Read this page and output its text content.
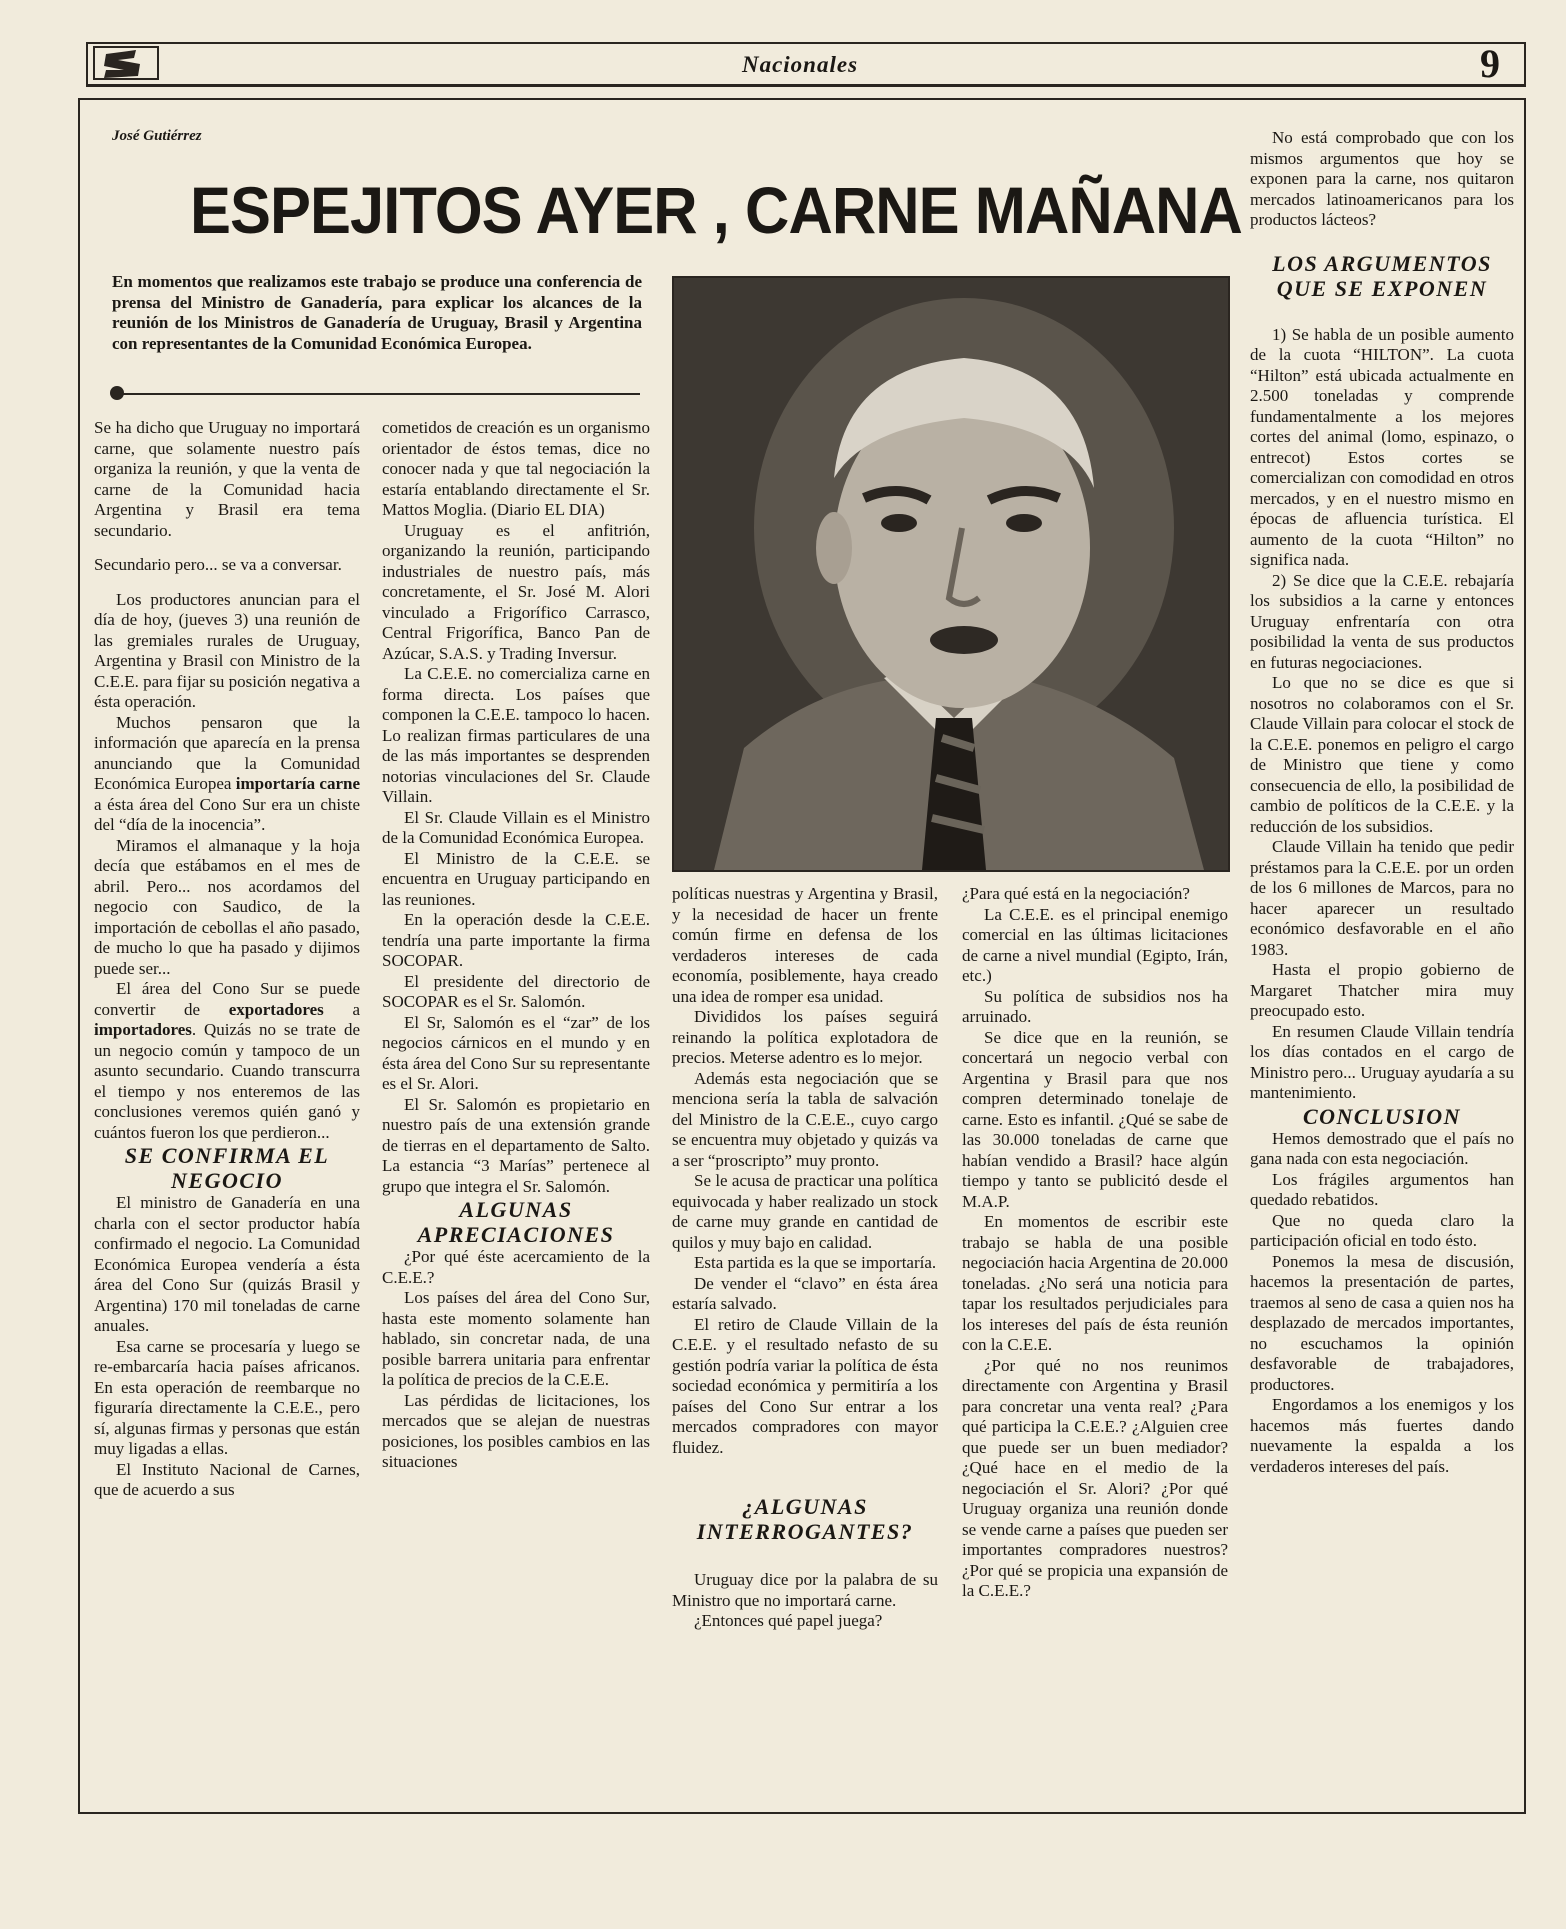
Nacionales	9
José Gutiérrez
ESPEJITOS AYER , CARNE MAÑANA
En momentos que realizamos este trabajo se produce una conferencia de prensa del Ministro de Ganadería, para explicar los alcances de la reunión de los Ministros de Ganadería de Uruguay, Brasil y Argentina con representantes de la Comunidad Económica Europea.

Se ha dicho que Uruguay no importará carne, que solamente nuestro país organiza la reunión, y que la venta de carne de la Comunidad hacia Argentina y Brasil era tema secundario.

Secundario pero... se va a conversar.

Los productores anuncian para el día de hoy, (jueves 3) una reunión de las gremiales rurales de Uruguay, Argentina y Brasil con Ministro de la C.E.E. para fijar su posición negativa a ésta operación.

Muchos pensaron que la información que aparecía en la prensa anunciando que la Comunidad Económica Europea importaría carne a ésta área del Cono Sur era un chiste del “día de la inocencia”.

Miramos el almanaque y la hoja decía que estábamos en el mes de abril. Pero... nos acordamos del negocio con Saudico, de la importación de cebollas el año pasado, de mucho lo que ha pasado y dijimos puede ser...

El área del Cono Sur se puede convertir de exportadores a importadores. Quizás no se trate de un negocio común y tampoco de un asunto secundario. Cuando transcurra el tiempo y nos enteremos de las conclusiones veremos quién ganó y cuántos fueron los que perdieron...

SE CONFIRMA EL NEGOCIO

El ministro de Ganadería en una charla con el sector productor había confirmado el negocio. La Comunidad Económica Europea vendería a ésta área del Cono Sur (quizás Brasil y Argentina) 170 mil toneladas de carne anuales.

Esa carne se procesaría y luego se re-embarcaría hacia países africanos. En esta operación de reembarque no figuraría directamente la C.E.E., pero sí, algunas firmas y personas que están muy ligadas a ellas.

El Instituto Nacional de Carnes, que de acuerdo a sus

cometidos de creación es un organismo orientador de éstos temas, dice no conocer nada y que tal negociación la estaría entablando directamente el Sr. Mattos Moglia. (Diario EL DIA)

Uruguay es el anfitrión, organizando la reunión, participando industriales de nuestro país, más concretamente, el Sr. José M. Alori vinculado a Frigorífico Carrasco, Central Frigorífica, Banco Pan de Azúcar, S.A.S. y Trading Inversur.

La C.E.E. no comercializa carne en forma directa. Los países que componen la C.E.E. tampoco lo hacen. Lo realizan firmas particulares de una de las más importantes se desprenden notorias vinculaciones del Sr. Claude Villain.

El Sr. Claude Villain es el Ministro de la Comunidad Económica Europea.

El Ministro de la C.E.E. se encuentra en Uruguay participando en las reuniones.

En la operación desde la C.E.E. tendría una parte importante la firma SOCOPAR.

El presidente del directorio de SOCOPAR es el Sr. Salomón.

El Sr, Salomón es el “zar” de los negocios cárnicos en el mundo y en ésta área del Cono Sur su representante es el Sr. Alori.

El Sr. Salomón es propietario en nuestro país de una extensión grande de tierras en el departamento de Salto. La estancia “3 Marías” pertenece al grupo que integra el Sr. Salomón.

ALGUNAS APRECIACIONES

¿Por qué éste acercamiento de la C.E.E.?

Los países del área del Cono Sur, hasta este momento solamente han hablado, sin concretar nada, de una posible barrera unitaria para enfrentar la política de precios de la C.E.E.

Las pérdidas de licitaciones, los mercados que se alejan de nuestras posiciones, los posibles cambios en las situaciones

políticas nuestras y Argentina y Brasil, y la necesidad de hacer un frente común firme en defensa de los verdaderos intereses de cada economía, posiblemente, haya creado una idea de romper esa unidad.

Divididos los países seguirá reinando la política explotadora de precios. Meterse adentro es lo mejor.

Además esta negociación que se menciona sería la tabla de salvación del Ministro de la C.E.E., cuyo cargo se encuentra muy objetado y quizás va a ser “proscripto” muy pronto.

Se le acusa de practicar una política equivocada y haber realizado un stock de carne muy grande en cantidad de quilos y muy bajo en calidad.

Esta partida es la que se importaría.

De vender el “clavo” en ésta área estaría salvado.

El retiro de Claude Villain de la C.E.E. y el resultado nefasto de su gestión podría variar la política de ésta sociedad económica y permitiría a los países del Cono Sur entrar a los mercados compradores con mayor fluidez.

¿ALGUNAS INTERROGANTES?

Uruguay dice por la palabra de su Ministro que no importará carne.

¿Entonces qué papel juega?

¿Para qué está en la negociación?

La C.E.E. es el principal enemigo comercial en las últimas licitaciones de carne a nivel mundial (Egipto, Irán, etc.)

Su política de subsidios nos ha arruinado.

Se dice que en la reunión, se concertará un negocio verbal con Argentina y Brasil para que nos compren determinado tonelaje de carne. Esto es infantil. ¿Qué se sabe de las 30.000 toneladas de carne que habían vendido a Brasil? hace algún tiempo y tanto se publicitó desde el M.A.P.

En momentos de escribir este trabajo se habla de una posible negociación hacia Argentina de 20.000 toneladas. ¿No será una noticia para tapar los resultados perjudiciales para los intereses del país de ésta reunión con la C.E.E.

¿Por qué no nos reunimos directamente con Argentina y Brasil para concretar una venta real? ¿Para qué participa la C.E.E.? ¿Alguien cree que puede ser un buen mediador? ¿Qué hace en el medio de la negociación el Sr. Alori? ¿Por qué Uruguay organiza una reunión donde se vende carne a países que pueden ser importantes compradores nuestros? ¿Por qué se propicia una expansión de la C.E.E.?

No está comprobado que con los mismos argumentos que hoy se exponen para la carne, nos quitaron mercados latinoamericanos para los productos lácteos?

LOS ARGUMENTOS QUE SE EXPONEN

1) Se habla de un posible aumento de la cuota “HILTON”. La cuota “Hilton” está ubicada actualmente en 2.500 toneladas y comprende fundamentalmente a los mejores cortes del animal (lomo, espinazo, o entrecot) Estos cortes se comercializan con comodidad en otros mercados, y en el nuestro mismo en épocas de afluencia turística. El aumento de la cuota “Hilton” no significa nada.

2) Se dice que la C.E.E. rebajaría los subsidios a la carne y entonces Uruguay enfrentaría con otra posibilidad la venta de sus productos en futuras negociaciones.

Lo que no se dice es que si nosotros no colaboramos con el Sr. Claude Villain para colocar el stock de la C.E.E. ponemos en peligro el cargo de Ministro que tiene y como consecuencia de ello, la posibilidad de cambio de políticos de la C.E.E. y la reducción de los subsidios.

Claude Villain ha tenido que pedir préstamos para la C.E.E. por un orden de los 6 millones de Marcos, para no hacer aparecer un resultado económico desfavorable en el año 1983.

Hasta el propio gobierno de Margaret Thatcher mira muy preocupado esto.

En resumen Claude Villain tendría los días contados en el cargo de Ministro pero... Uruguay ayudaría a su mantenimiento.

CONCLUSION

Hemos demostrado que el país no gana nada con esta negociación.

Los frágiles argumentos han quedado rebatidos.

Que no queda claro la participación oficial en todo ésto.

Ponemos la mesa de discusión, hacemos la presentación de partes, traemos al seno de casa a quien nos ha desplazado de mercados importantes, no escuchamos la opinión desfavorable de trabajadores, productores.

Engordamos a los enemigos y los hacemos más fuertes dando nuevamente la espalda a los verdaderos intereses del país.
